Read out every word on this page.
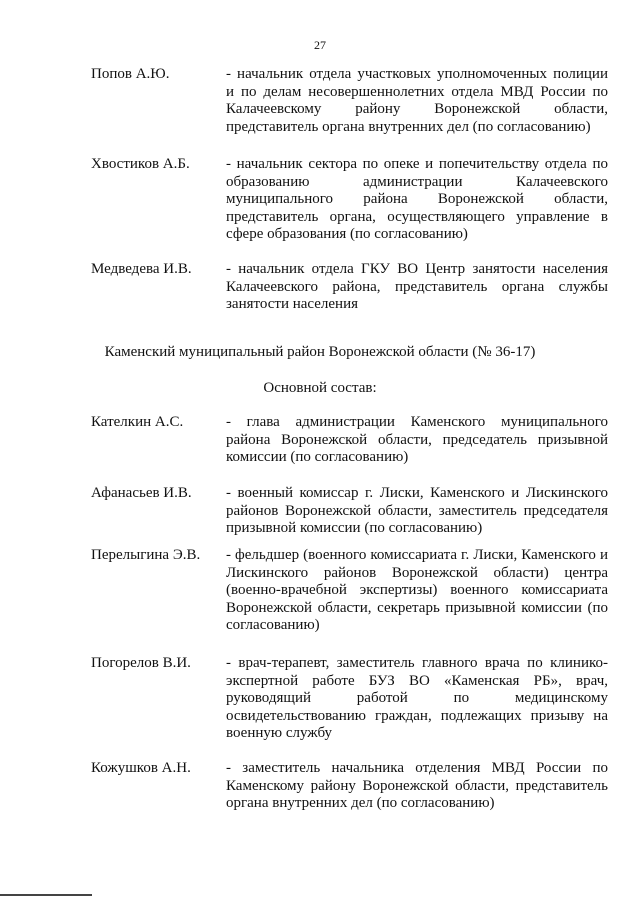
27
Попов А.Ю.	- начальник отдела участковых уполномоченных полиции и по делам несовершеннолетних отдела МВД России по Калачеевскому району Воронежской области, представитель органа внутренних дел (по согласованию)
Хвостиков А.Б. - начальник сектора по опеке и попечительству отдела по образованию администрации Калачеевского муниципального района Воронежской области, представитель органа, осуществляющего управление в сфере образования (по согласованию)
Медведева И.В. - начальник отдела ГКУ ВО Центр занятости населения Калачеевского района, представитель органа службы занятости населения
Каменский муниципальный район Воронежской области (№ 36-17)
Основной состав:
Кателкин А.С.	- глава администрации Каменского муниципального района Воронежской области, председатель призывной комиссии (по согласованию)
Афанасьев И.В. - военный комиссар г. Лиски, Каменского и Лискинского районов Воронежской области, заместитель председателя призывной комиссии (по согласованию)
Перелыгина Э.В. - фельдшер (военного комиссариата г. Лиски, Каменского и Лискинского районов Воронежской области) центра (военно-врачебной экспертизы) военного комиссариата Воронежской области, секретарь призывной комиссии (по согласованию)
Погорелов В.И. - врач-терапевт, заместитель главного врача по клинико-экспертной работе БУЗ ВО «Каменская РБ», врач, руководящий работой по медицинскому освидетельствованию граждан, подлежащих призыву на военную службу
Кожушков А.Н. - заместитель начальника отделения МВД России по Каменскому району Воронежской области, представитель органа внутренних дел (по согласованию)
